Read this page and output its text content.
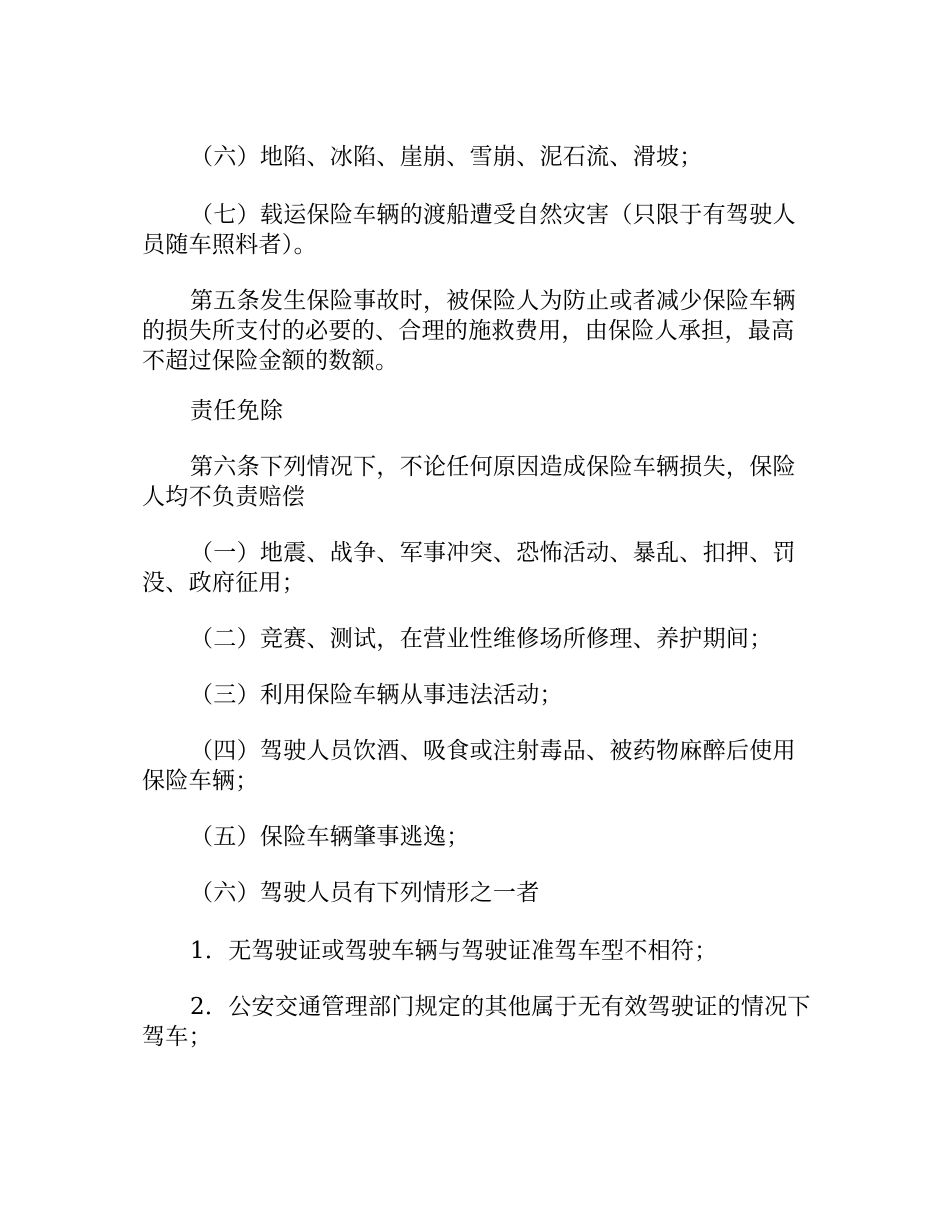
（六）地陷、冰陷、崖崩、雪崩、泥石流、滑坡；

（七）载运保险车辆的渡船遭受自然灾害（只限于有驾驶人员随车照料者）。

第五条发生保险事故时，被保险人为防止或者减少保险车辆的损失所支付的必要的、合理的施救费用，由保险人承担，最高不超过保险金额的数额。

责任免除

第六条下列情况下，不论任何原因造成保险车辆损失，保险人均不负责赔偿

（一）地震、战争、军事冲突、恐怖活动、暴乱、扣押、罚没、政府征用；

（二）竞赛、测试，在营业性维修场所修理、养护期间；

（三）利用保险车辆从事违法活动；

（四）驾驶人员饮酒、吸食或注射毒品、被药物麻醉后使用保险车辆；

（五）保险车辆肇事逃逸；

（六）驾驶人员有下列情形之一者

1．无驾驶证或驾驶车辆与驾驶证准驾车型不相符；

2．公安交通管理部门规定的其他属于无有效驾驶证的情况下驾车；
